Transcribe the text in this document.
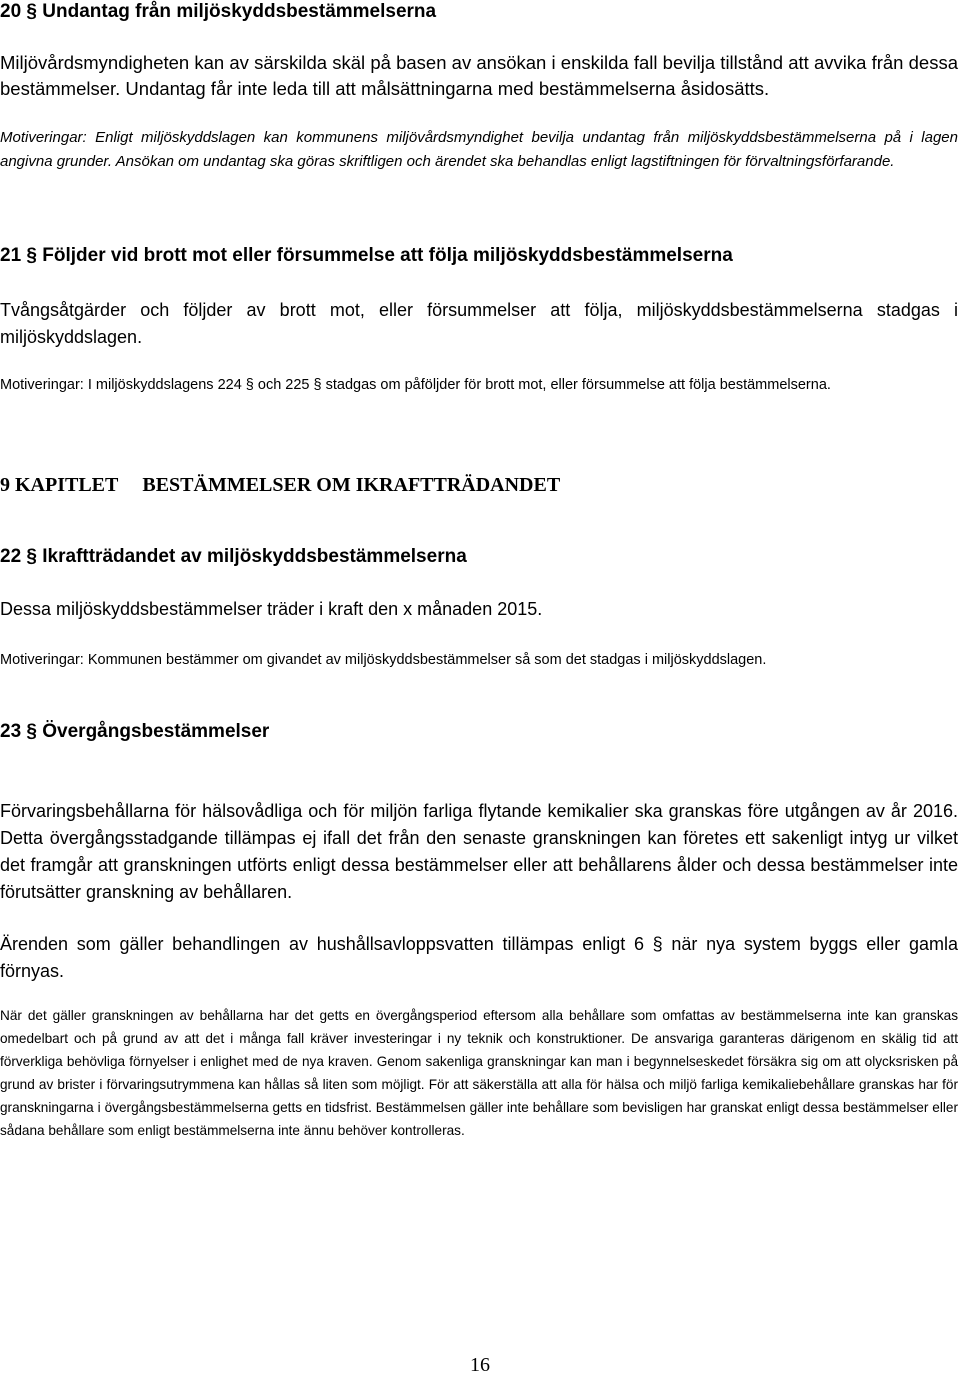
20 § Undantag från miljöskyddsbestämmelserna

Miljövårdsmyndigheten kan av särskilda skäl på basen av ansökan i enskilda fall bevilja tillstånd att avvika från dessa bestämmelser. Undantag får inte leda till att målsättningarna med bestämmelserna åsidosätts.

Motiveringar: Enligt miljöskyddslagen kan kommunens miljövårdsmyndighet bevilja undantag från miljöskyddsbestämmelserna på i lagen angivna grunder. Ansökan om undantag ska göras skriftligen och ärendet ska behandlas enligt lagstiftningen för förvaltningsförfarande.

21 § Följder vid brott mot eller försummelse att följa miljöskyddsbestämmelserna

Tvångsåtgärder och följder av brott mot, eller försummelser att följa, miljöskyddsbestämmelserna stadgas i miljöskyddslagen.

Motiveringar: I miljöskyddslagens 224 § och 225 § stadgas om påföljder för brott mot, eller försummelse att följa bestämmelserna.

9 KAPITLET BESTÄMMELSER OM IKRAFTTRÄDANDET
22 § Ikraftträdandet av miljöskyddsbestämmelserna

Dessa miljöskyddsbestämmelser träder i kraft den x månaden 2015.

Motiveringar: Kommunen bestämmer om givandet av miljöskyddsbestämmelser så som det stadgas i miljöskyddslagen.

23 § Övergångsbestämmelser

Förvaringsbehållarna för hälsovådliga och för miljön farliga flytande kemikalier ska granskas före utgången av år 2016. Detta övergångsstadgande tillämpas ej ifall det från den senaste granskningen kan företes ett sakenligt intyg ur vilket det framgår att granskningen utförts enligt dessa bestämmelser eller att behållarens ålder och dessa bestämmelser inte förutsätter granskning av behållaren.

Ärenden som gäller behandlingen av hushållsavloppsvatten tillämpas enligt 6 § när nya system byggs eller gamla förnyas.

När det gäller granskningen av behållarna har det getts en övergångsperiod eftersom alla behållare som omfattas av bestämmelserna inte kan granskas omedelbart och på grund av att det i många fall kräver investeringar i ny teknik och konstruktioner. De ansvariga garanteras därigenom en skälig tid att förverkliga behövliga förnyelser i enlighet med de nya kraven. Genom sakenliga granskningar kan man i begynnelseskedet försäkra sig om att olycksrisken på grund av brister i förvaringsutrymmena kan hållas så liten som möjligt. För att säkerställa att alla för hälsa och miljö farliga kemikaliebehållare granskas har för granskningarna i övergångsbestämmelserna getts en tidsfrist. Bestämmelsen gäller inte behållare som bevisligen har granskat enligt dessa bestämmelser eller sådana behållare som enligt bestämmelserna inte ännu behöver kontrolleras.

16
